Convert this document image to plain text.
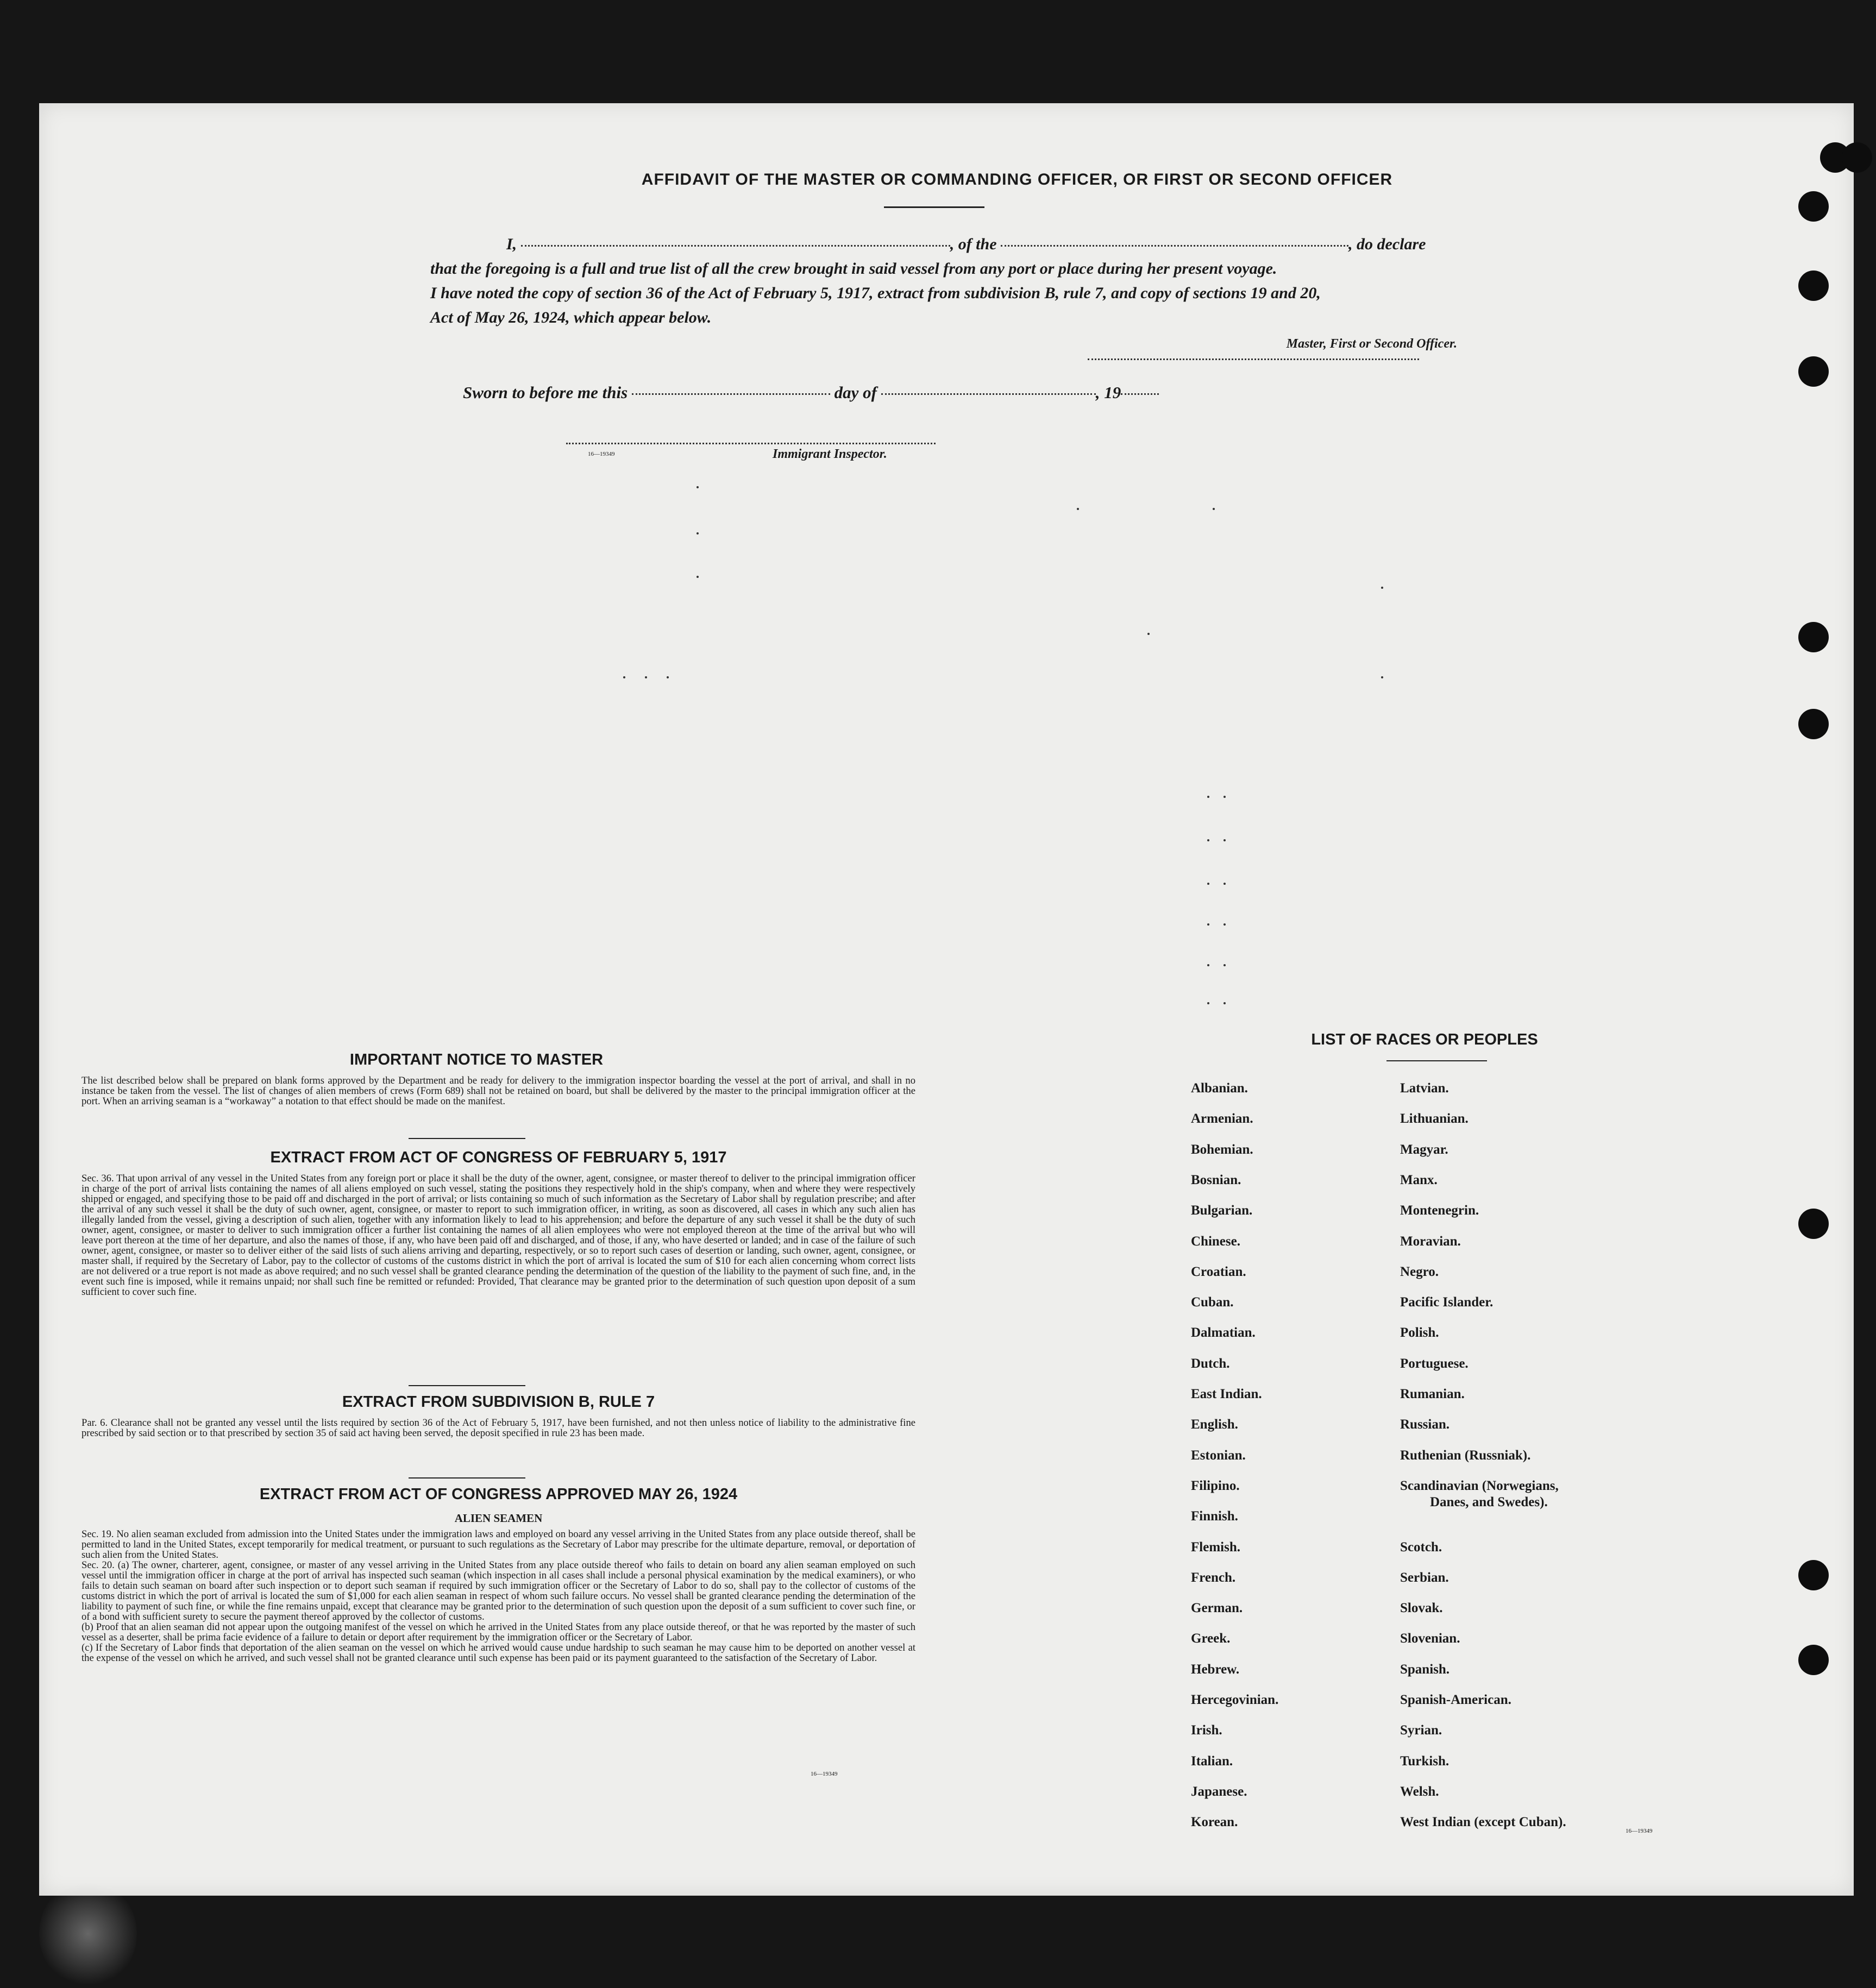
AFFIDAVIT OF THE MASTER OR COMMANDING OFFICER, OR FIRST OR SECOND OFFICER

I,	, of the	, do declare

that the foregoing is a full and true list of all the crew brought in said vessel from any port or place during her present voyage.

I have noted the copy of section 36 of the Act of February 5, 1917, extract from subdivision B, rule 7, and copy of sections 19 and 20,

Act of May 26, 1924, which appear below.

Master, First or Second Officer.
Sworn to before me this	day of	, 19
16—19349	Immigrant Inspector.
IMPORTANT NOTICE TO MASTER
The list described below shall be prepared on blank forms approved by the Department and be ready for delivery to the immigration inspector boarding the vessel at the port of arrival, and shall in no instance be taken from the vessel. The list of changes of alien members of crews (Form 689) shall not be retained on board, but shall be delivered by the master to the principal immigration officer at the port. When an arriving seaman is a “workaway” a notation to that effect should be made on the manifest.
EXTRACT FROM ACT OF CONGRESS OF FEBRUARY 5, 1917
Sec. 36. That upon arrival of any vessel in the United States from any foreign port or place it shall be the duty of the owner, agent, consignee, or master thereof to deliver to the principal immigration officer in charge of the port of arrival lists containing the names of all aliens employed on such vessel, stating the positions they respectively hold in the ship's company, when and where they were respectively shipped or engaged, and specifying those to be paid off and discharged in the port of arrival; or lists containing so much of such information as the Secretary of Labor shall by regulation prescribe; and after the arrival of any such vessel it shall be the duty of such owner, agent, consignee, or master to report to such immigration officer, in writing, as soon as discovered, all cases in which any such alien has illegally landed from the vessel, giving a description of such alien, together with any information likely to lead to his apprehension; and before the departure of any such vessel it shall be the duty of such owner, agent, consignee, or master to deliver to such immigration officer a further list containing the names of all alien employees who were not employed thereon at the time of the arrival but who will leave port thereon at the time of her departure, and also the names of those, if any, who have been paid off and discharged, and of those, if any, who have deserted or landed; and in case of the failure of such owner, agent, consignee, or master so to deliver either of the said lists of such aliens arriving and departing, respectively, or so to report such cases of desertion or landing, such owner, agent, consignee, or master shall, if required by the Secretary of Labor, pay to the collector of customs of the customs district in which the port of arrival is located the sum of $10 for each alien concerning whom correct lists are not delivered or a true report is not made as above required; and no such vessel shall be granted clearance pending the determination of the question of the liability to the payment of such fine, and, in the event such fine is imposed, while it remains unpaid; nor shall such fine be remitted or refunded: Provided, That clearance may be granted prior to the determination of such question upon deposit of a sum sufficient to cover such fine.
EXTRACT FROM SUBDIVISION B, RULE 7
Par. 6. Clearance shall not be granted any vessel until the lists required by section 36 of the Act of February 5, 1917, have been furnished, and not then unless notice of liability to the administrative fine prescribed by said section or to that prescribed by section 35 of said act having been served, the deposit specified in rule 23 has been made.
EXTRACT FROM ACT OF CONGRESS APPROVED MAY 26, 1924
ALIEN SEAMEN
Sec. 19. No alien seaman excluded from admission into the United States under the immigration laws and employed on board any vessel arriving in the United States from any place outside thereof, shall be permitted to land in the United States, except temporarily for medical treatment, or pursuant to such regulations as the Secretary of Labor may prescribe for the ultimate departure, removal, or deportation of such alien from the United States.
Sec. 20. (a) The owner, charterer, agent, consignee, or master of any vessel arriving in the United States from any place outside thereof who fails to detain on board any alien seaman employed on such vessel until the immigration officer in charge at the port of arrival has inspected such seaman (which inspection in all cases shall include a personal physical examination by the medical examiners), or who fails to detain such seaman on board after such inspection or to deport such seaman if required by such immigration officer or the Secretary of Labor to do so, shall pay to the collector of customs of the customs district in which the port of arrival is located the sum of $1,000 for each alien seaman in respect of whom such failure occurs. No vessel shall be granted clearance pending the determination of the liability to payment of such fine, or while the fine remains unpaid, except that clearance may be granted prior to the determination of such question upon the deposit of a sum sufficient to cover such fine, or of a bond with sufficient surety to secure the payment thereof approved by the collector of customs.
(b) Proof that an alien seaman did not appear upon the outgoing manifest of the vessel on which he arrived in the United States from any place outside thereof, or that he was reported by the master of such vessel as a deserter, shall be prima facie evidence of a failure to detain or deport after requirement by the immigration officer or the Secretary of Labor.
(c) If the Secretary of Labor finds that deportation of the alien seaman on the vessel on which he arrived would cause undue hardship to such seaman he may cause him to be deported on another vessel at the expense of the vessel on which he arrived, and such vessel shall not be granted clearance until such expense has been paid or its payment guaranteed to the satisfaction of the Secretary of Labor.
16—19349
LIST OF RACES OR PEOPLES
16—19349
Albanian.
Armenian.
Bohemian.
Bosnian.
Bulgarian.
Chinese.
Croatian.
Cuban.
Dalmatian.
Dutch.
East Indian.
English.
Estonian.
Filipino.
Finnish.
Flemish.
French.
German.
Greek.
Hebrew.
Hercegovinian.
Irish.
Italian.
Japanese.
Korean.
Latvian.
Lithuanian.
Magyar.
Manx.
Montenegrin.
Moravian.
Negro.
Pacific Islander.
Polish.
Portuguese.
Rumanian.
Russian.
Ruthenian (Russniak).
Scandinavian (Norwegians,
Danes, and Swedes).
Scotch.
Serbian.
Slovak.
Slovenian.
Spanish.
Spanish-American.
Syrian.
Turkish.
Welsh.
West Indian (except Cuban).
